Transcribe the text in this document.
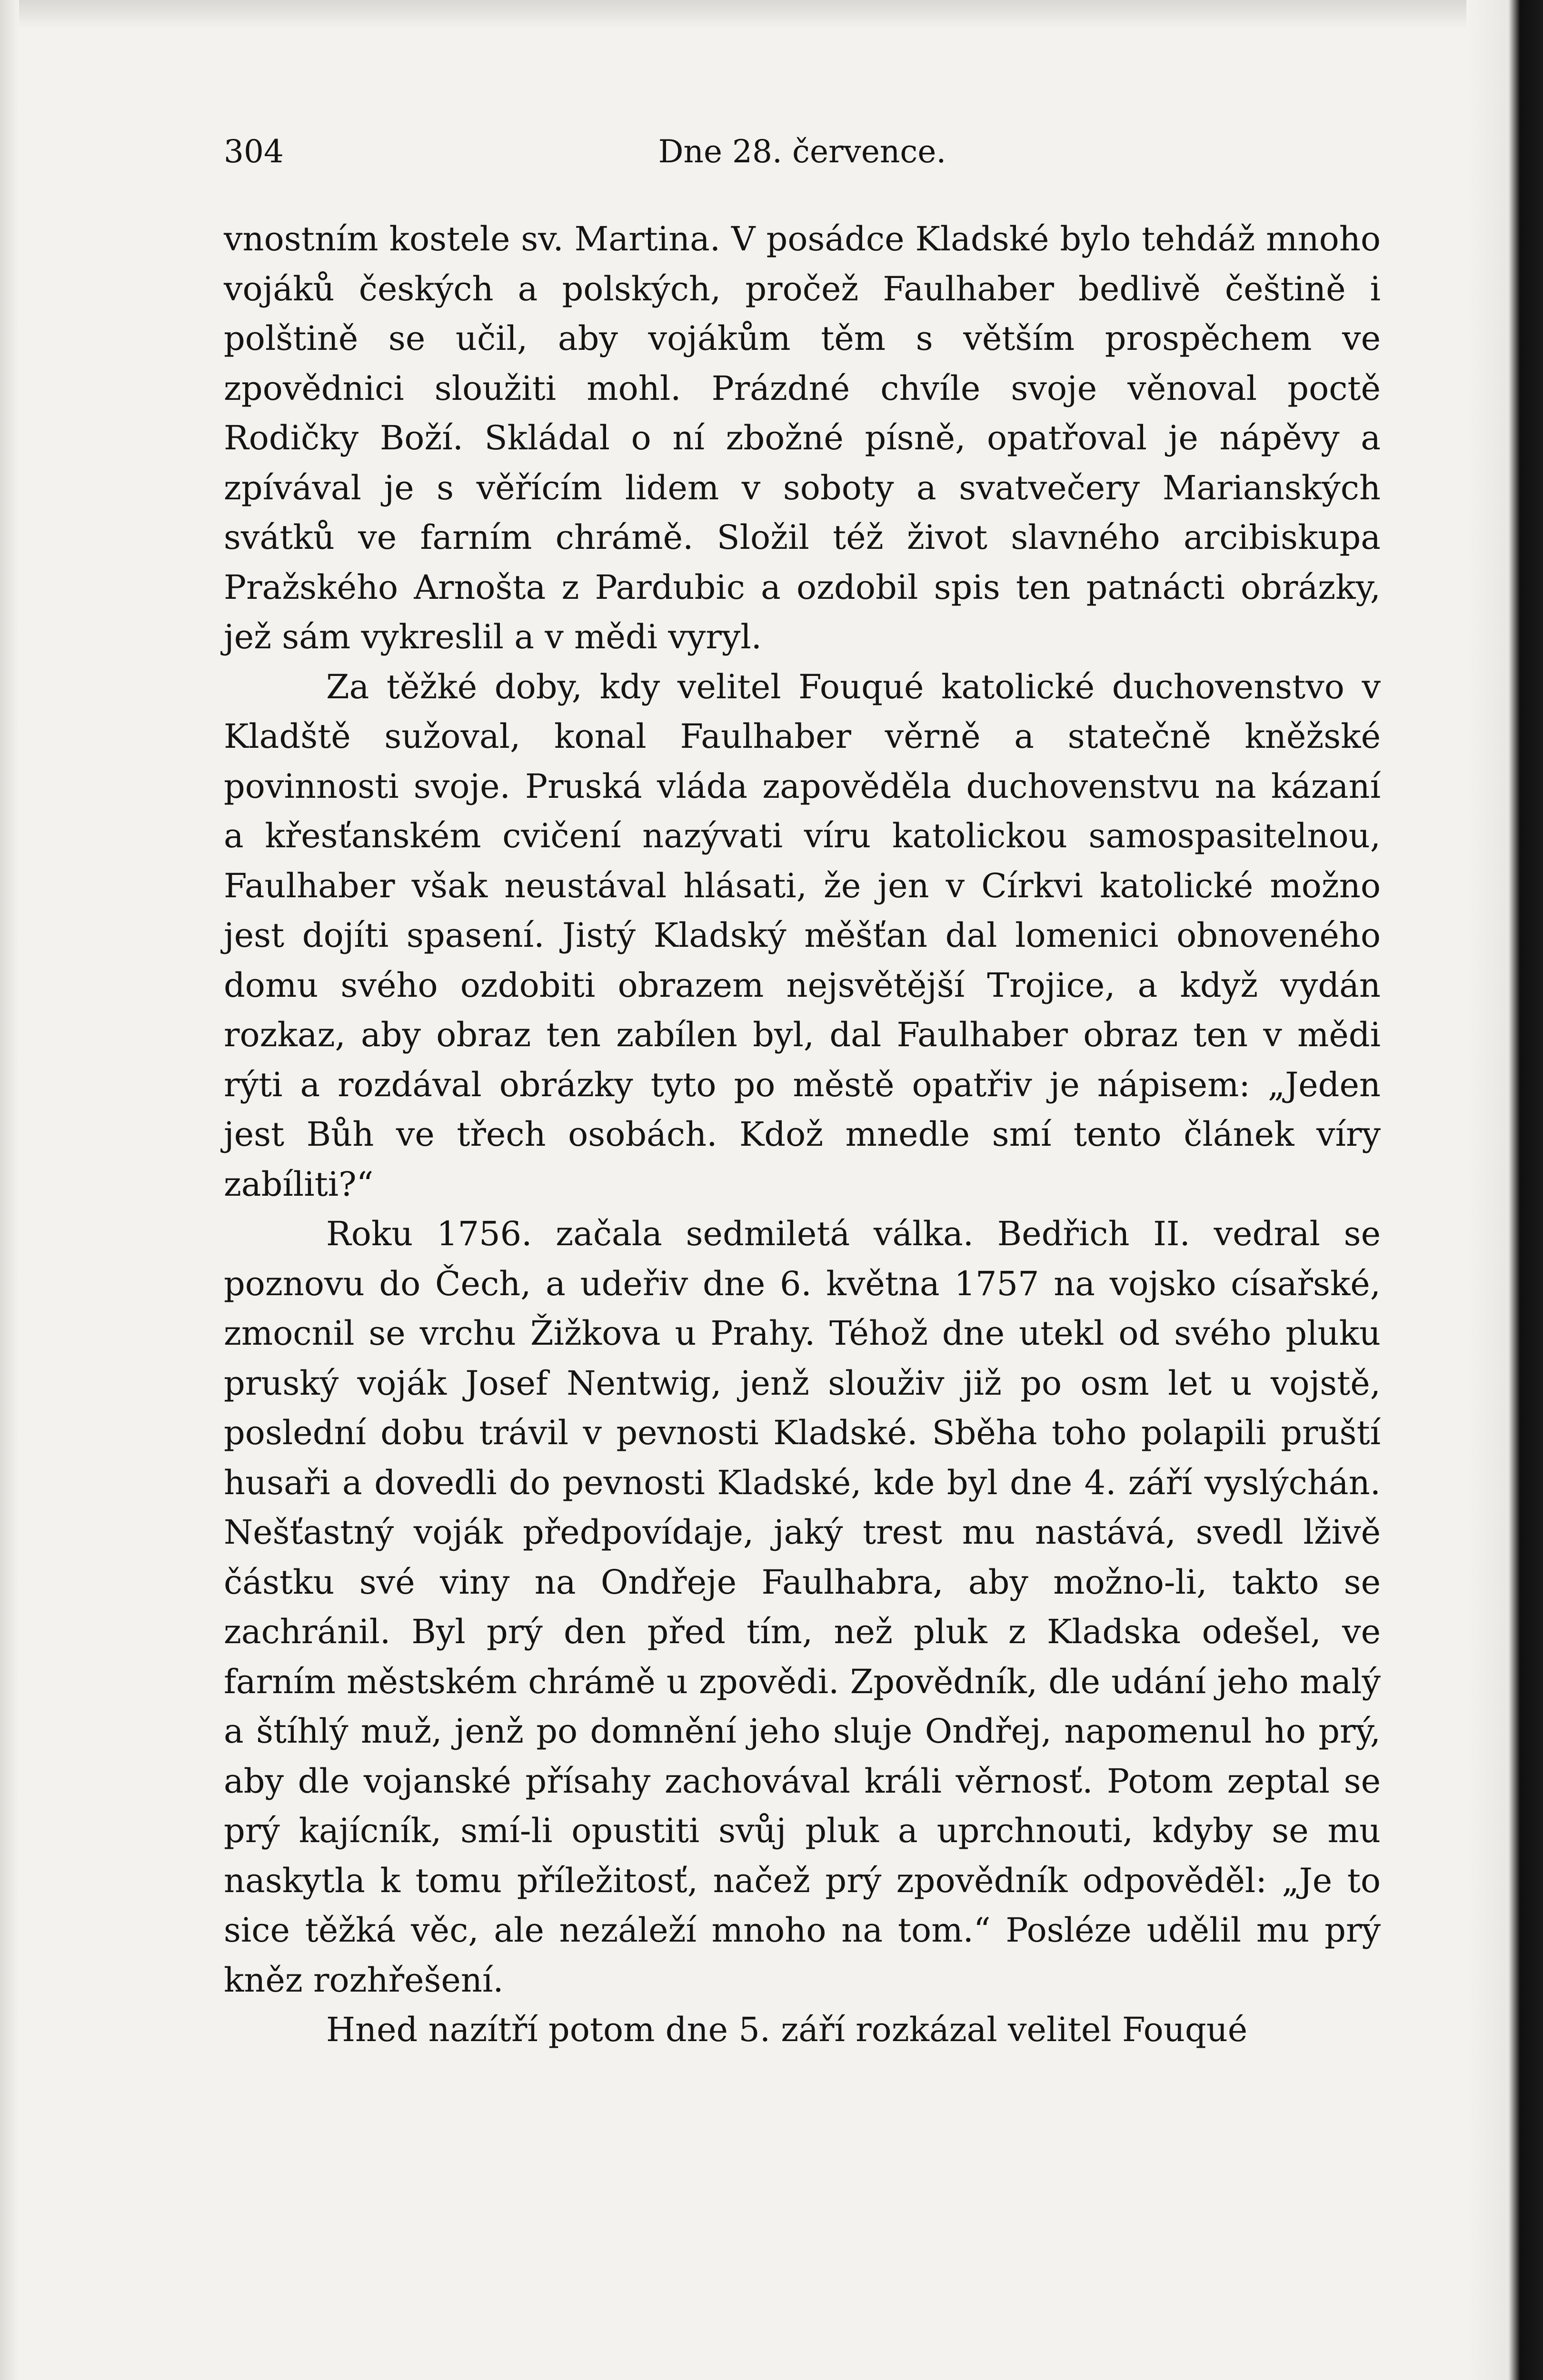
304	Dne 28. července.

vnostním kostele sv. Martina. V posádce Kladské bylo tehdáž mnoho vojáků českých a polských, pročež Faulhaber bedlivě češtině i polštině se učil, aby vojákům těm s větším prospěchem ve zpovědnici sloužiti mohl. Prázdné chvíle svoje věnoval poctě Rodičky Boží. Skládal o ní zbožné písně, opatřoval je nápěvy a zpívával je s věřícím lidem v soboty a svatvečery Marianských svátků ve farním chrámě. Složil též život slavného arcibiskupa Pražského Arnošta z Pardubic a ozdobil spis ten patnácti obrázky, jež sám vykreslil a v mědi vyryl.

Za těžké doby, kdy velitel Fouqué katolické duchovenstvo v Kladště sužoval, konal Faulhaber věrně a statečně kněžské povinnosti svoje. Pruská vláda zapověděla duchovenstvu na kázaní a křesťanském cvičení nazývati víru katolickou samospasitelnou, Faulhaber však neustával hlásati, že jen v Církvi katolické možno jest dojíti spasení. Jistý Kladský měšťan dal lomenici obnoveného domu svého ozdobiti obrazem nejsvětější Trojice, a když vydán rozkaz, aby obraz ten zabílen byl, dal Faulhaber obraz ten v mědi rýti a rozdával obrázky tyto po městě opatřiv je nápisem: „Jeden jest Bůh ve třech osobách. Kdož mnedle smí tento článek víry zabíliti?“

Roku 1756. začala sedmiletá válka. Bedřich II. vedral se poznovu do Čech, a udeřiv dne 6. května 1757 na vojsko císařské, zmocnil se vrchu Žižkova u Prahy. Téhož dne utekl od svého pluku pruský voják Josef Nentwig, jenž slouživ již po osm let u vojstě, poslední dobu trávil v pevnosti Kladské. Sběha toho polapili pruští husaři a dovedli do pevnosti Kladské, kde byl dne 4. září vyslýchán. Nešťastný voják předpovídaje, jaký trest mu nastává, svedl lživě částku své viny na Ondřeje Faulhabra, aby možno-li, takto se zachránil. Byl prý den před tím, než pluk z Kladska odešel, ve farním městském chrámě u zpovědi. Zpovědník, dle udání jeho malý a štíhlý muž, jenž po domnění jeho sluje Ondřej, napomenul ho prý, aby dle vojanské přísahy zachovával králi věrnosť. Potom zeptal se prý kajícník, smí-li opustiti svůj pluk a uprchnouti, kdyby se mu naskytla k tomu příležitosť, načež prý zpovědník odpověděl: „Je to sice těžká věc, ale nezáleží mnoho na tom.“ Posléze udělil mu prý kněz rozhřešení.

Hned nazítří potom dne 5. září rozkázal velitel Fouqué
